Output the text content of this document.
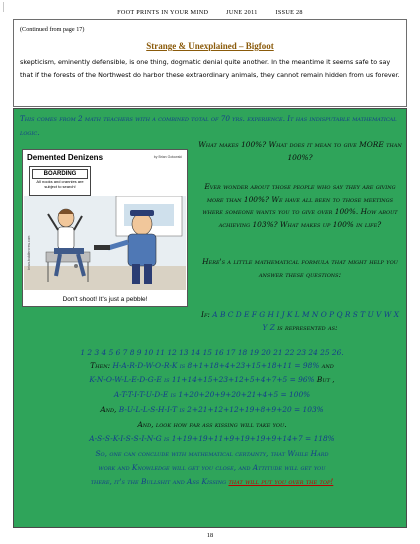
FOOT PRINTS IN YOUR MIND	JUNE 2011	ISSUE 28
(Continued from page 17)
Strange & Unexplained – Bigfoot
skepticism, eminently defensible, is one thing, dogmatic denial quite another. In the meantime it seems safe to say that if the forests of the Northwest do harbor these extraordinary animals, they cannot remain hidden from us forever.
This comes from 2 math teachers with a combined total of 70 yrs. experience. It has indisputable mathematical logic.
Demented Denizens	by Brian Gotowski
BOARDING
All nooks and crannies are subject to search!
brian-toddlercrew.com
Don't shoot! It's just a pebble!
What makes 100%? What does it mean to give MORE than 100%?
Ever wonder about those people who say they are giving more than 100%? We have all been to those meetings where someone wants you to give over 100%. How about achieving 103%? What makes up 100% in life?
Here's a little mathematical formula that might help you answer these questions:
If: A B C D E F G H I J K L M N O P Q R S T U V W X Y Z is represented as:
1 2 3 4 5 6 7 8 9 10 11 12 13 14 15 16 17 18 19 20 21 22 23 24 25 26.
Then: H-A-R-D-W-O-R-K is 8+1+18+4+23+15+18+11 = 98% and
K-N-O-W-L-E-D-G-E is 11+14+15+23+12+5+4+7+5 = 96% But ,
A-T-T-I-T-U-D-E is 1+20+20+9+20+21+4+5 = 100%
And, B-U-L-L-S-H-I-T is 2+21+12+12+19+8+9+20 = 103%
And, look how far ass kissing will take you.
A-S-S-K-I-S-S-I-N-G is 1+19+19+11+9+19+19+9+14+7 = 118%
So, one can conclude with mathematical certainty, that While Hard
work and Knowledge will get you close, and Attitude will get you
there, it's the Bullshit and Ass Kissing that will put you over the top!
18
